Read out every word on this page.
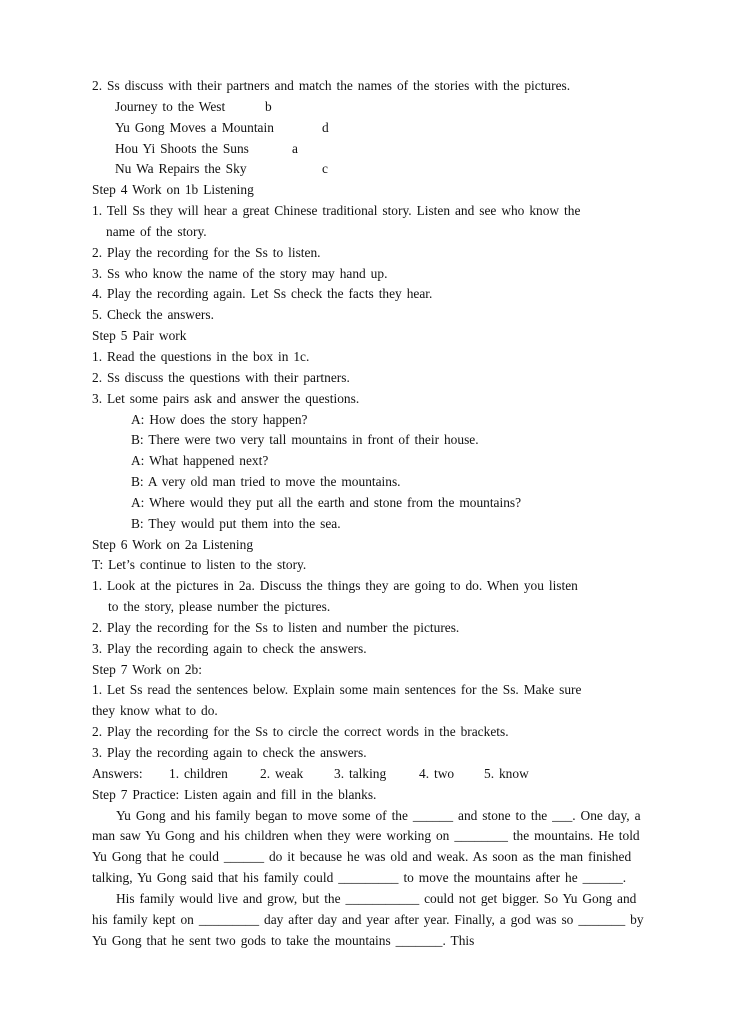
2. Ss discuss with their partners and match the names of the stories with the pictures.
Journey to the West	b
Yu Gong Moves a Mountain	d
Hou Yi Shoots the Suns	a
Nu Wa Repairs the Sky	c
Step 4 Work on 1b Listening
1. Tell Ss they will hear a great Chinese traditional story. Listen and see who know the
name of the story.
2. Play the recording for the Ss to listen.
3. Ss who know the name of the story may hand up.
4. Play the recording again. Let Ss check the facts they hear.
5. Check the answers.
Step 5 Pair work
1. Read the questions in the box in 1c.
2. Ss discuss the questions with their partners.
3. Let some pairs ask and answer the questions.
A: How does the story happen?
B: There were two very tall mountains in front of their house.
A: What happened next?
B: A very old man tried to move the mountains.
A: Where would they put all the earth and stone from the mountains?
B: They would put them into the sea.
Step 6 Work on 2a Listening
T: Let’s continue to listen to the story.
1. Look at the pictures in 2a. Discuss the things they are going to do. When you listen
to the story, please number the pictures.
2. Play the recording for the Ss to listen and number the pictures.
3. Play the recording again to check the answers.
Step 7 Work on 2b:
1. Let Ss read the sentences below. Explain some main sentences for the Ss. Make sure
they know what to do.
2. Play the recording for the Ss to circle the correct words in the brackets.
3. Play the recording again to check the answers.
Answers: 1. children 2. weak 3. talking 4. two 5. know
Step 7 Practice: Listen again and fill in the blanks.
Yu Gong and his family began to move some of the ______ and stone to the ___. One day, a man saw Yu Gong and his children when they were working on ________ the mountains. He told Yu Gong that he could ______ do it because he was old and weak. As soon as the man finished talking, Yu Gong said that his family could _________ to move the mountains after he ______.
His family would live and grow, but the ___________ could not get bigger. So Yu Gong and his family kept on _________ day after day and year after year. Finally, a god was so _______ by Yu Gong that he sent two gods to take the mountains _______. This
